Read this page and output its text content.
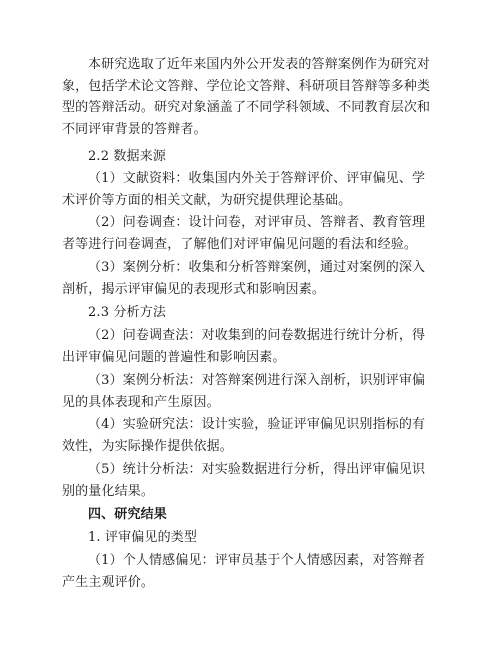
本研究选取了近年来国内外公开发表的答辩案例作为研究对象，包括学术论文答辩、学位论文答辩、科研项目答辩等多种类型的答辩活动。研究对象涵盖了不同学科领域、不同教育层次和不同评审背景的答辩者。

2.2 数据来源

（1）文献资料：收集国内外关于答辩评价、评审偏见、学术评价等方面的相关文献，为研究提供理论基础。

（2）问卷调查：设计问卷，对评审员、答辩者、教育管理者等进行问卷调查，了解他们对评审偏见问题的看法和经验。

（3）案例分析：收集和分析答辩案例，通过对案例的深入剖析，揭示评审偏见的表现形式和影响因素。

2.3 分析方法

（2）问卷调查法：对收集到的问卷数据进行统计分析，得出评审偏见问题的普遍性和影响因素。

（3）案例分析法：对答辩案例进行深入剖析，识别评审偏见的具体表现和产生原因。

（4）实验研究法：设计实验，验证评审偏见识别指标的有效性，为实际操作提供依据。

（5）统计分析法：对实验数据进行分析，得出评审偏见识别的量化结果。

四、研究结果

1. 评审偏见的类型

（1）个人情感偏见：评审员基于个人情感因素，对答辩者产生主观评价。
